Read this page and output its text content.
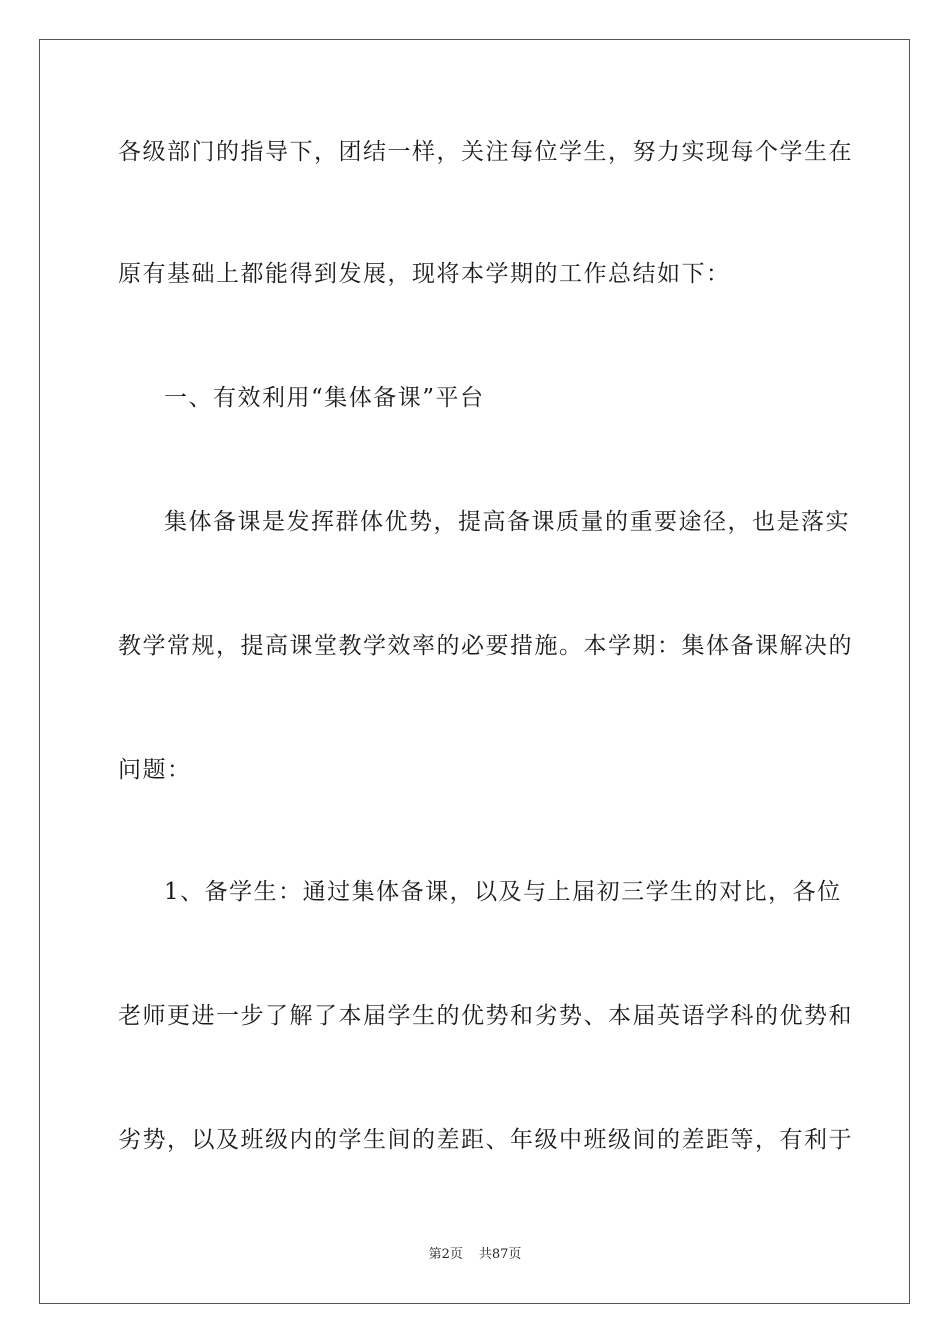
各级部门的指导下，团结一样，关注每位学生，努力实现每个学生在
原有基础上都能得到发展，现将本学期的工作总结如下：
一、有效利用“集体备课”平台
集体备课是发挥群体优势，提高备课质量的重要途径，也是落实
教学常规，提高课堂教学效率的必要措施。本学期：集体备课解决的
问题：
1、备学生：通过集体备课，以及与上届初三学生的对比，各位
老师更进一步了解了本届学生的优势和劣势、本届英语学科的优势和
劣势，以及班级内的学生间的差距、年级中班级间的差距等，有利于
第2页 共87页
